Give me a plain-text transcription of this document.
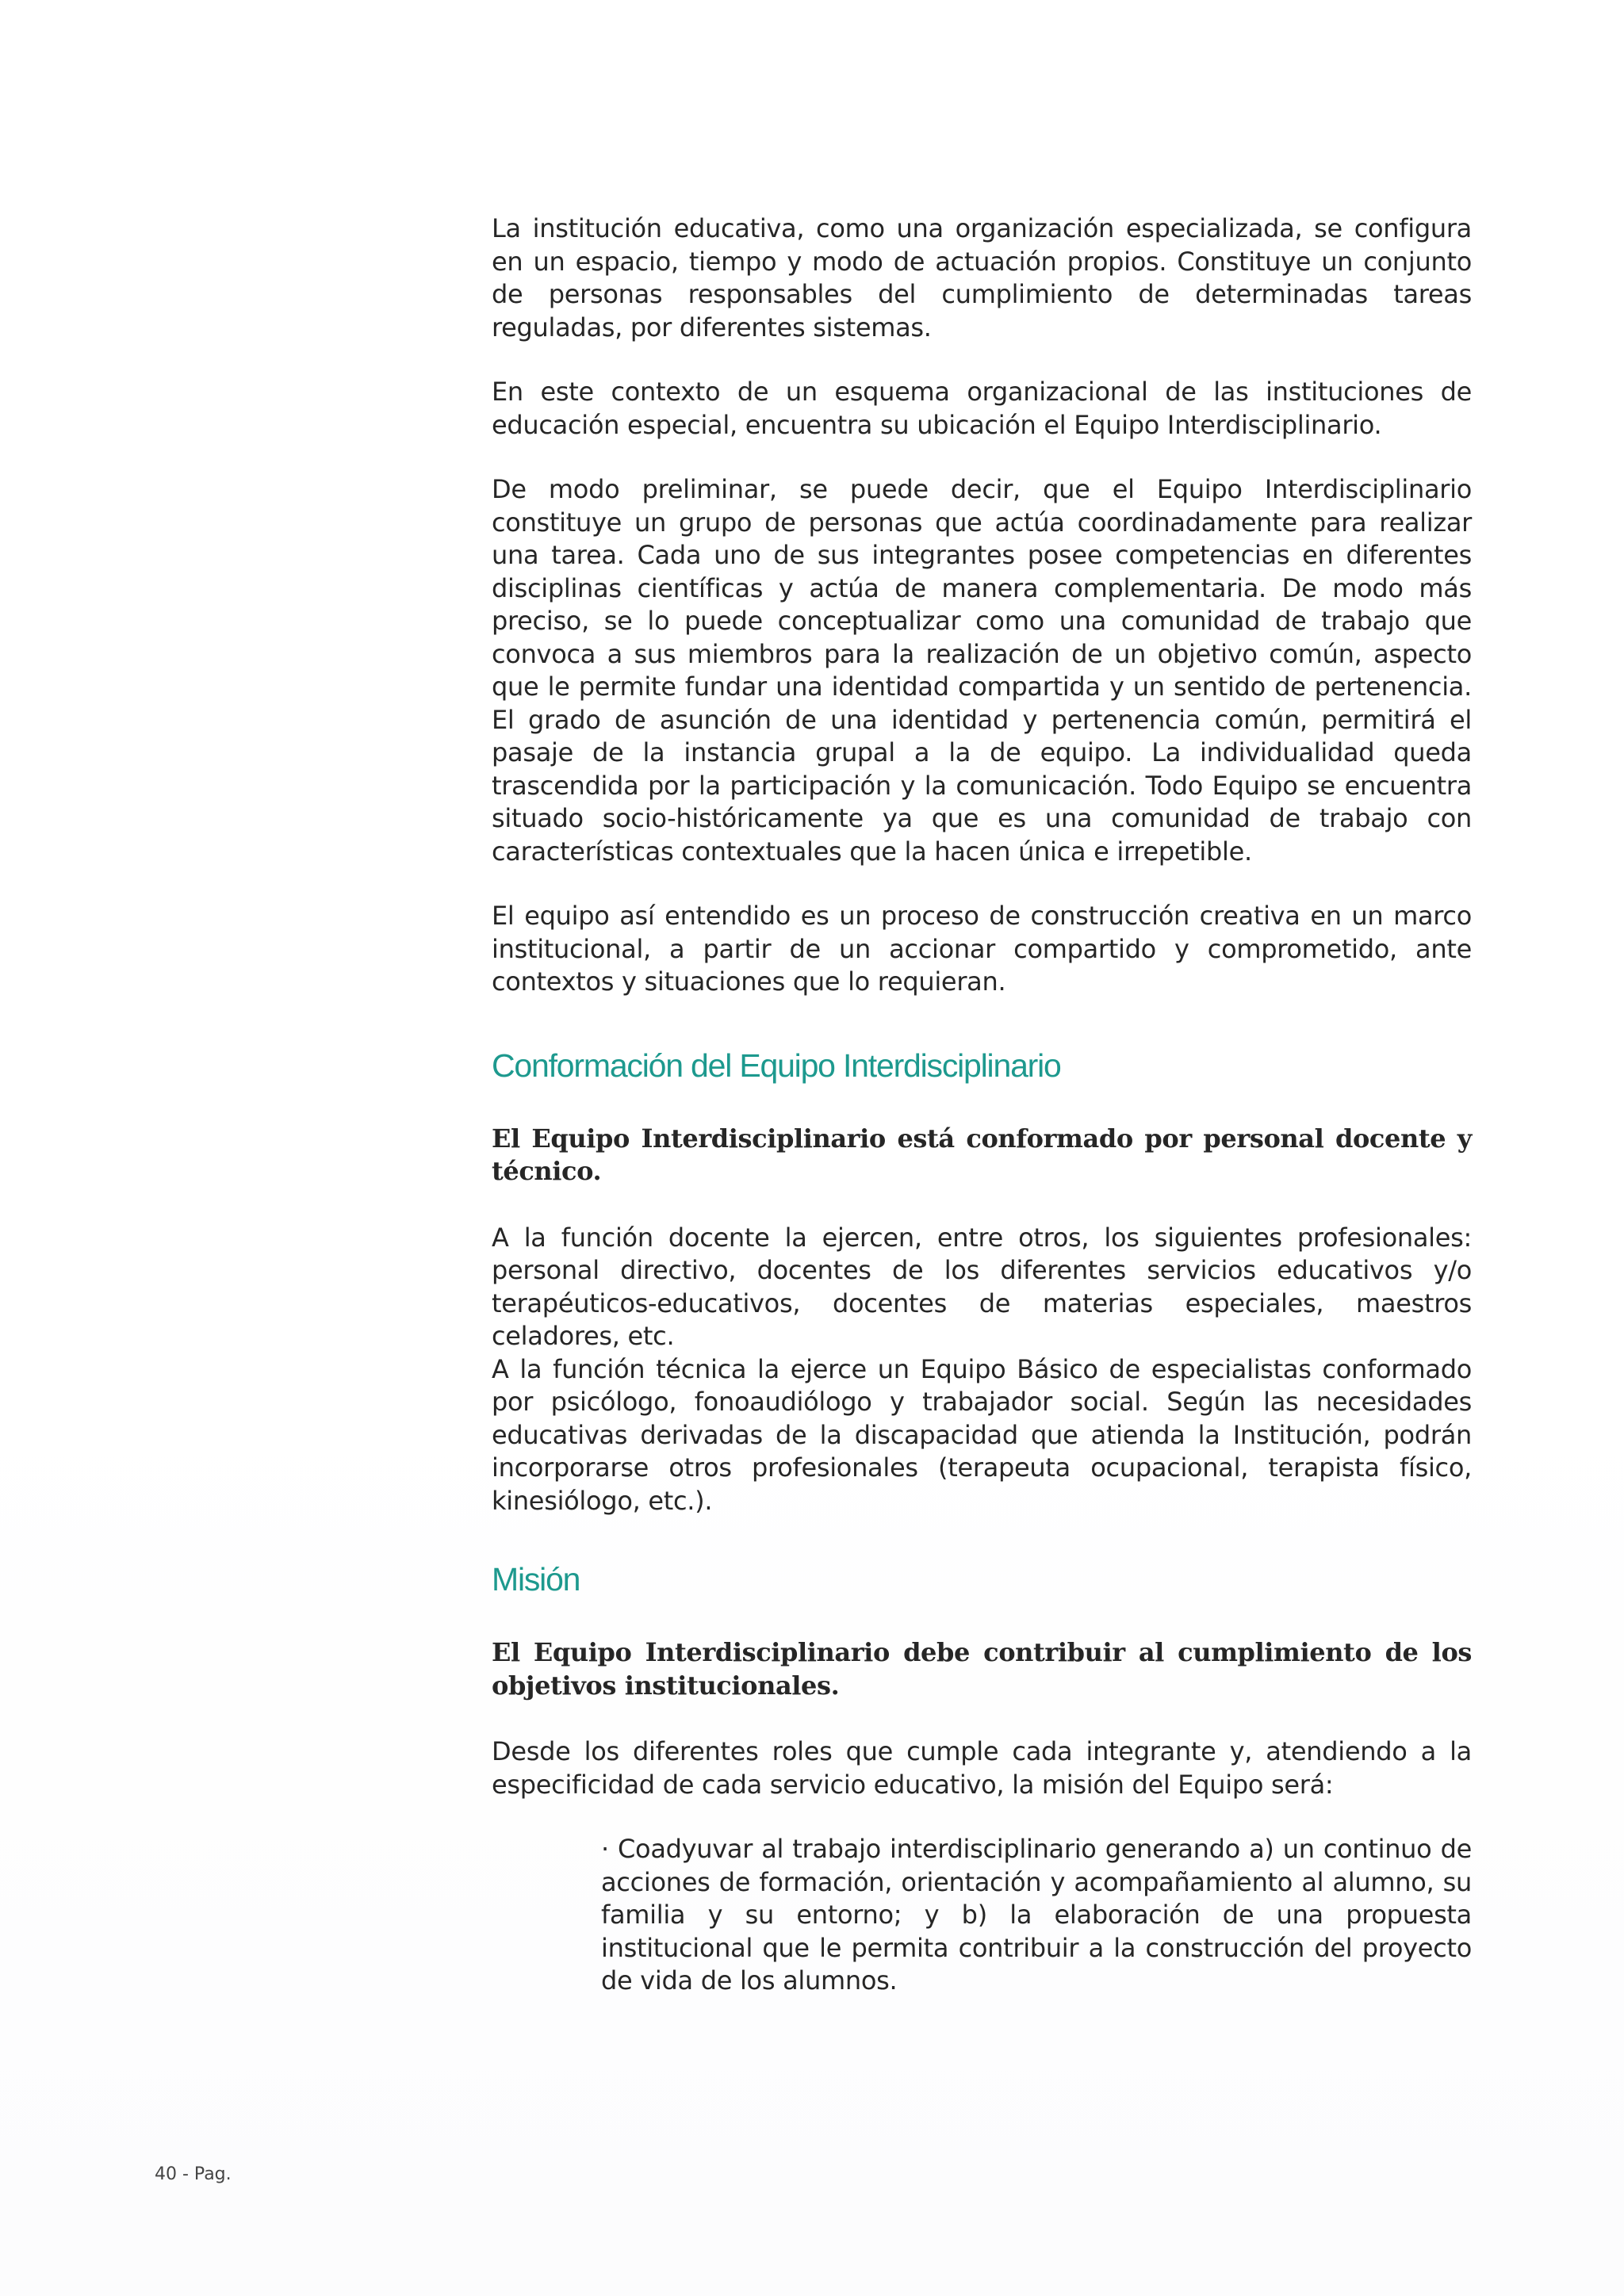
La institución educativa, como una organización especializada, se configura en un espacio, tiempo y modo de actuación propios. Constituye un conjunto de personas responsables del cumplimiento de determinadas tareas reguladas, por diferentes sistemas.

En este contexto de un esquema organizacional de las instituciones de educación especial, encuentra su ubicación el Equipo Interdisciplinario.

De modo preliminar, se puede decir, que el Equipo Interdisciplinario constituye un grupo de personas que actúa coordinadamente para realizar una tarea. Cada uno de sus integrantes posee competencias en diferentes disciplinas científicas y actúa de manera complementaria. De modo más preciso, se lo puede conceptualizar como una comunidad de trabajo que convoca a sus miembros para la realización de un objetivo común, aspecto que le permite fundar una identidad compartida y un sentido de pertenencia. El grado de asunción de una identidad y pertenencia común, permitirá el pasaje de la instancia grupal a la de equipo. La individualidad queda trascendida por la participación y la comunicación. Todo Equipo se encuentra situado socio-históricamente ya que es una comunidad de trabajo con características contextuales que la hacen única e irrepetible.

El equipo así entendido es un proceso de construcción creativa en un marco institucional, a partir de un accionar compartido y comprometido, ante contextos y situaciones que lo requieran.

Conformación del Equipo Interdisciplinario

El Equipo Interdisciplinario está conformado por personal docente y técnico.

A la función docente la ejercen, entre otros, los siguientes profesionales: personal directivo, docentes de los diferentes servicios educativos y/o terapéuticos-educativos, docentes de materias especiales, maestros celadores, etc.

A la función técnica la ejerce un Equipo Básico de especialistas conformado por psicólogo, fonoaudiólogo y trabajador social. Según las necesidades educativas derivadas de la discapacidad que atienda la Institución, podrán incorporarse otros profesionales (terapeuta ocupacional, terapista físico, kinesiólogo, etc.).

Misión

El Equipo Interdisciplinario debe contribuir al cumplimiento de los objetivos institucionales.

Desde los diferentes roles que cumple cada integrante y, atendiendo a la especificidad de cada servicio educativo, la misión del Equipo será:

· Coadyuvar al trabajo interdisciplinario generando a) un continuo de acciones de formación, orientación y acompañamiento al alumno, su familia y su entorno; y b) la elaboración de una propuesta institucional que le permita contribuir a la construcción del proyecto de vida de los alumnos.

40 - Pag.
